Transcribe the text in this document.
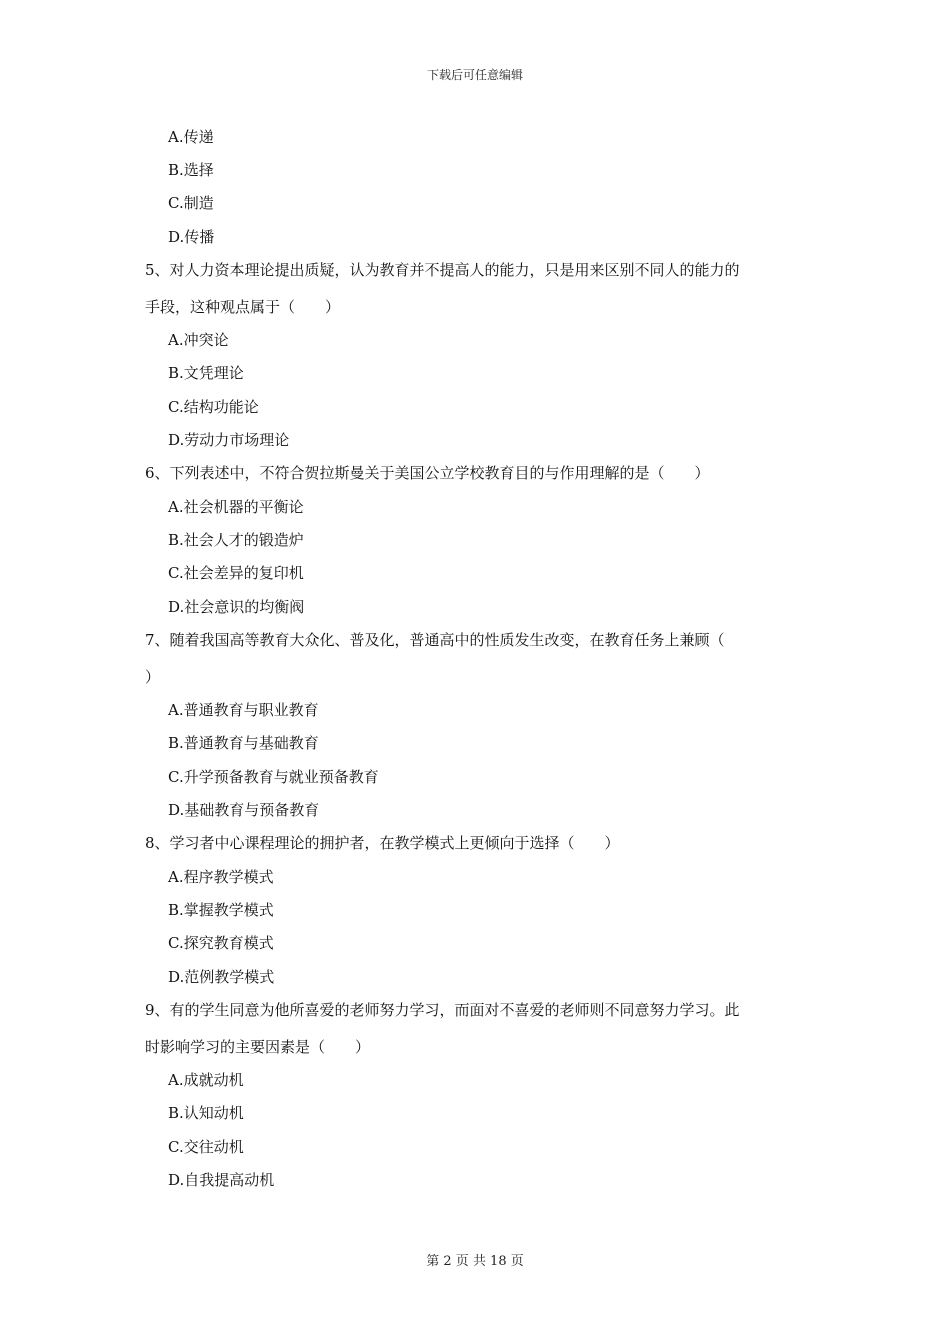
下载后可任意编辑
A.传递
B.选择
C.制造
D.传播
5、对人力资本理论提出质疑，认为教育并不提高人的能力，只是用来区别不同人的能力的
手段，这种观点属于（　　）
A.冲突论
B.文凭理论
C.结构功能论
D.劳动力市场理论
6、下列表述中，不符合贺拉斯曼关于美国公立学校教育目的与作用理解的是（　　）
A.社会机器的平衡论
B.社会人才的锻造炉
C.社会差异的复印机
D.社会意识的均衡阀
7、随着我国高等教育大众化、普及化，普通高中的性质发生改变，在教育任务上兼顾（
）
A.普通教育与职业教育
B.普通教育与基础教育
C.升学预备教育与就业预备教育
D.基础教育与预备教育
8、学习者中心课程理论的拥护者，在教学模式上更倾向于选择（　　）
A.程序教学模式
B.掌握教学模式
C.探究教育模式
D.范例教学模式
9、有的学生同意为他所喜爱的老师努力学习，而面对不喜爱的老师则不同意努力学习。此
时影响学习的主要因素是（　　）
A.成就动机
B.认知动机
C.交往动机
D.自我提高动机
第 2 页 共 18 页
